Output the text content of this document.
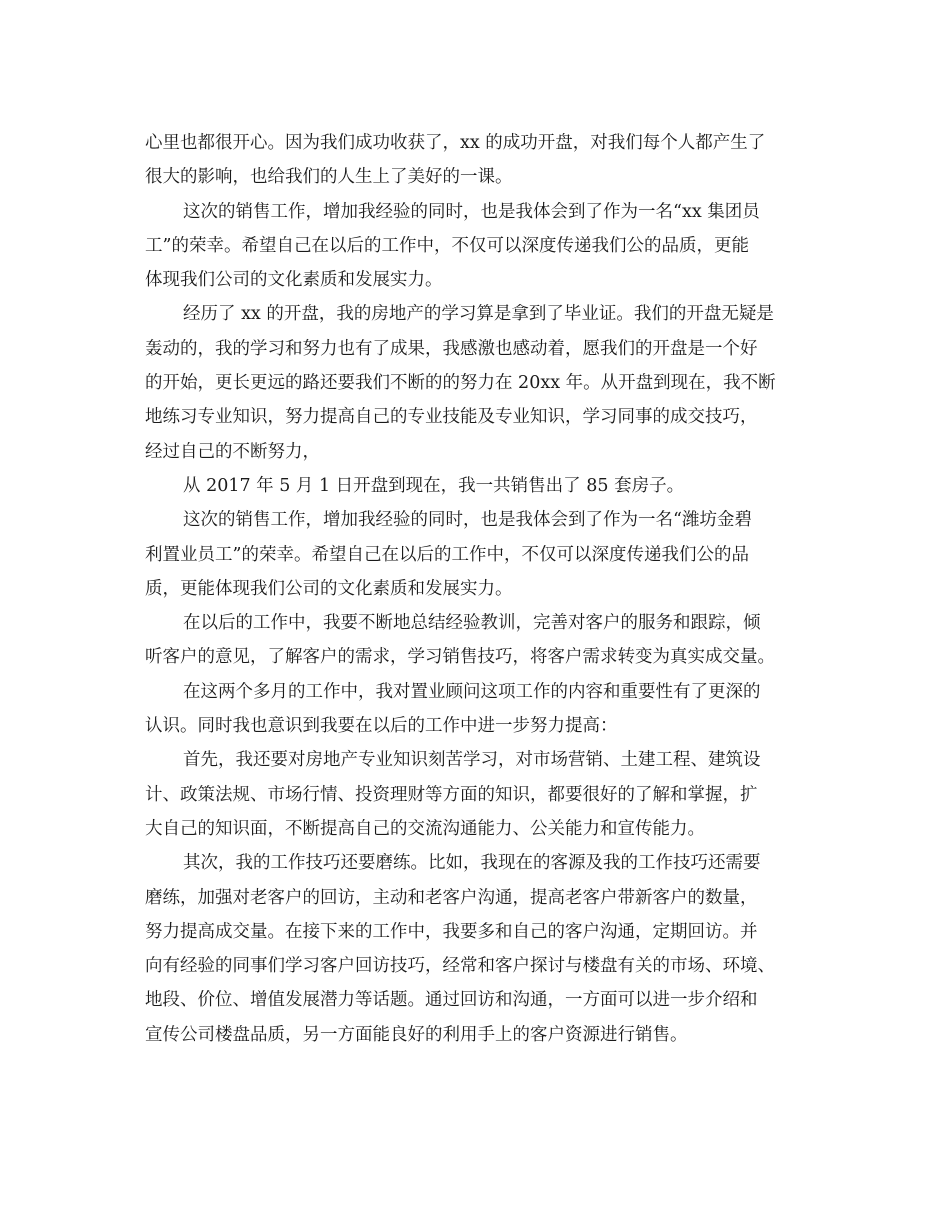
心里也都很开心。因为我们成功收获了，xx 的成功开盘，对我们每个人都产生了
很大的影响，也给我们的人生上了美好的一课。
这次的销售工作，增加我经验的同时，也是我体会到了作为一名“xx 集团员
工”的荣幸。希望自己在以后的工作中，不仅可以深度传递我们公的品质，更能
体现我们公司的文化素质和发展实力。
经历了 xx 的开盘，我的房地产的学习算是拿到了毕业证。我们的开盘无疑是
轰动的，我的学习和努力也有了成果，我感激也感动着，愿我们的开盘是一个好
的开始，更长更远的路还要我们不断的的努力在 20xx 年。从开盘到现在，我不断
地练习专业知识，努力提高自己的专业技能及专业知识，学习同事的成交技巧，
经过自己的不断努力，
从 2017 年 5 月 1 日开盘到现在，我一共销售出了 85 套房子。
这次的销售工作，增加我经验的同时，也是我体会到了作为一名“潍坊金碧
利置业员工”的荣幸。希望自己在以后的工作中，不仅可以深度传递我们公的品
质，更能体现我们公司的文化素质和发展实力。
在以后的工作中，我要不断地总结经验教训，完善对客户的服务和跟踪，倾
听客户的意见，了解客户的需求，学习销售技巧，将客户需求转变为真实成交量。
在这两个多月的工作中，我对置业顾问这项工作的内容和重要性有了更深的
认识。同时我也意识到我要在以后的工作中进一步努力提高：
首先，我还要对房地产专业知识刻苦学习，对市场营销、土建工程、建筑设
计、政策法规、市场行情、投资理财等方面的知识，都要很好的了解和掌握，扩
大自己的知识面，不断提高自己的交流沟通能力、公关能力和宣传能力。
其次，我的工作技巧还要磨练。比如，我现在的客源及我的工作技巧还需要
磨练，加强对老客户的回访，主动和老客户沟通，提高老客户带新客户的数量，
努力提高成交量。在接下来的工作中，我要多和自己的客户沟通，定期回访。并
向有经验的同事们学习客户回访技巧，经常和客户探讨与楼盘有关的市场、环境、
地段、价位、增值发展潜力等话题。通过回访和沟通，一方面可以进一步介绍和
宣传公司楼盘品质，另一方面能良好的利用手上的客户资源进行销售。
